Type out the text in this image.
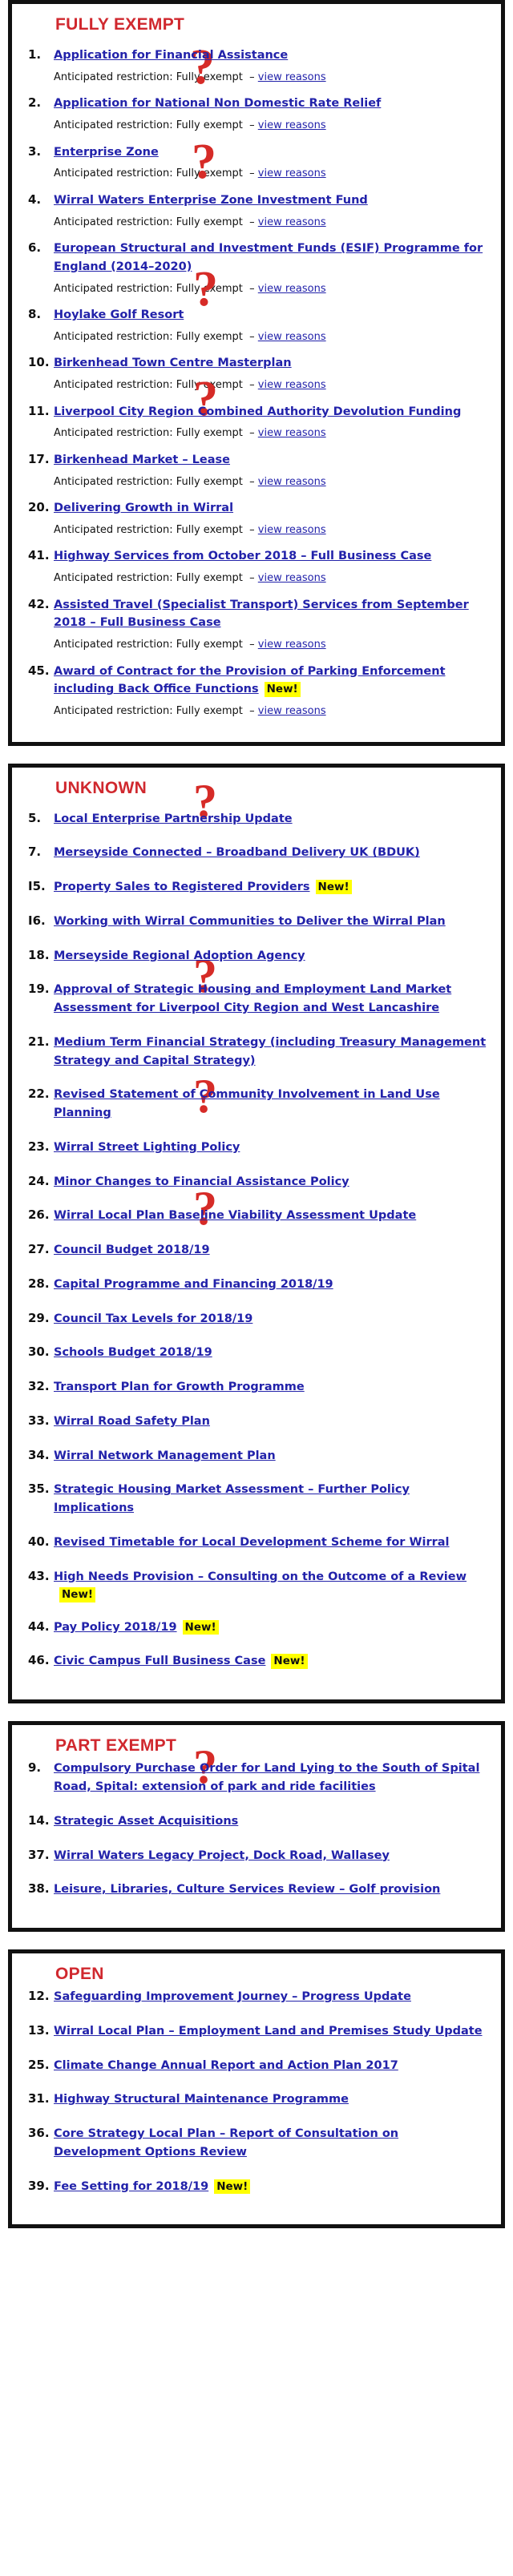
FULLY EXEMPT
1.	Application for Financial Assistance
Anticipated restriction: Fully exempt – view reasons
2.	Application for National Non Domestic Rate Relief
Anticipated restriction: Fully exempt – view reasons
3.	Enterprise Zone
Anticipated restriction: Fully exempt – view reasons
4.	Wirral Waters Enterprise Zone Investment Fund
Anticipated restriction: Fully exempt – view reasons
6.	European Structural and Investment Funds (ESIF) Programme for England (2014–2020)
Anticipated restriction: Fully exempt – view reasons
8.	Hoylake Golf Resort
Anticipated restriction: Fully exempt – view reasons
10. Birkenhead Town Centre Masterplan
Anticipated restriction: Fully exempt – view reasons
11. Liverpool City Region Combined Authority Devolution Funding
Anticipated restriction: Fully exempt – view reasons
17. Birkenhead Market – Lease
Anticipated restriction: Fully exempt – view reasons
20. Delivering Growth in Wirral
Anticipated restriction: Fully exempt – view reasons
41. Highway Services from October 2018 – Full Business Case
Anticipated restriction: Fully exempt – view reasons
42. Assisted Travel (Specialist Transport) Services from September 2018 – Full Business Case
Anticipated restriction: Fully exempt – view reasons
45. Award of Contract for the Provision of Parking Enforcement including Back Office Functions New!
Anticipated restriction: Fully exempt – view reasons
?
?
?
?
UNKNOWN
5.	Local Enterprise Partnership Update
7.	Merseyside Connected – Broadband Delivery UK (BDUK)
I5. Property Sales to Registered Providers New!
I6. Working with Wirral Communities to Deliver the Wirral Plan
18. Merseyside Regional Adoption Agency
19. Approval of Strategic Housing and Employment Land Market Assessment for Liverpool City Region and West Lancashire
21. Medium Term Financial Strategy (including Treasury Management Strategy and Capital Strategy)
22. Revised Statement of Community Involvement in Land Use Planning
23. Wirral Street Lighting Policy
24. Minor Changes to Financial Assistance Policy
26. Wirral Local Plan Baseline Viability Assessment Update
27. Council Budget 2018/19
28. Capital Programme and Financing 2018/19
29. Council Tax Levels for 2018/19
30. Schools Budget 2018/19
32. Transport Plan for Growth Programme
33. Wirral Road Safety Plan
34. Wirral Network Management Plan
35. Strategic Housing Market Assessment – Further Policy Implications
40. Revised Timetable for Local Development Scheme for Wirral
43. High Needs Provision – Consulting on the Outcome of a ReviewNew!
44. Pay Policy 2018/19 New!
46. Civic Campus Full Business Case New!
?
?
?
?
PART EXEMPT
9.	Compulsory Purchase Order for Land Lying to the South of Spital Road, Spital: extension of park and ride facilities
14. Strategic Asset Acquisitions
37. Wirral Waters Legacy Project, Dock Road, Wallasey
38. Leisure, Libraries, Culture Services Review – Golf provision
?
OPEN
12. Safeguarding Improvement Journey – Progress Update
13. Wirral Local Plan – Employment Land and Premises Study Update
25. Climate Change Annual Report and Action Plan 2017
31. Highway Structural Maintenance Programme
36. Core Strategy Local Plan – Report of Consultation on Development Options Review
39. Fee Setting for 2018/19 New!
